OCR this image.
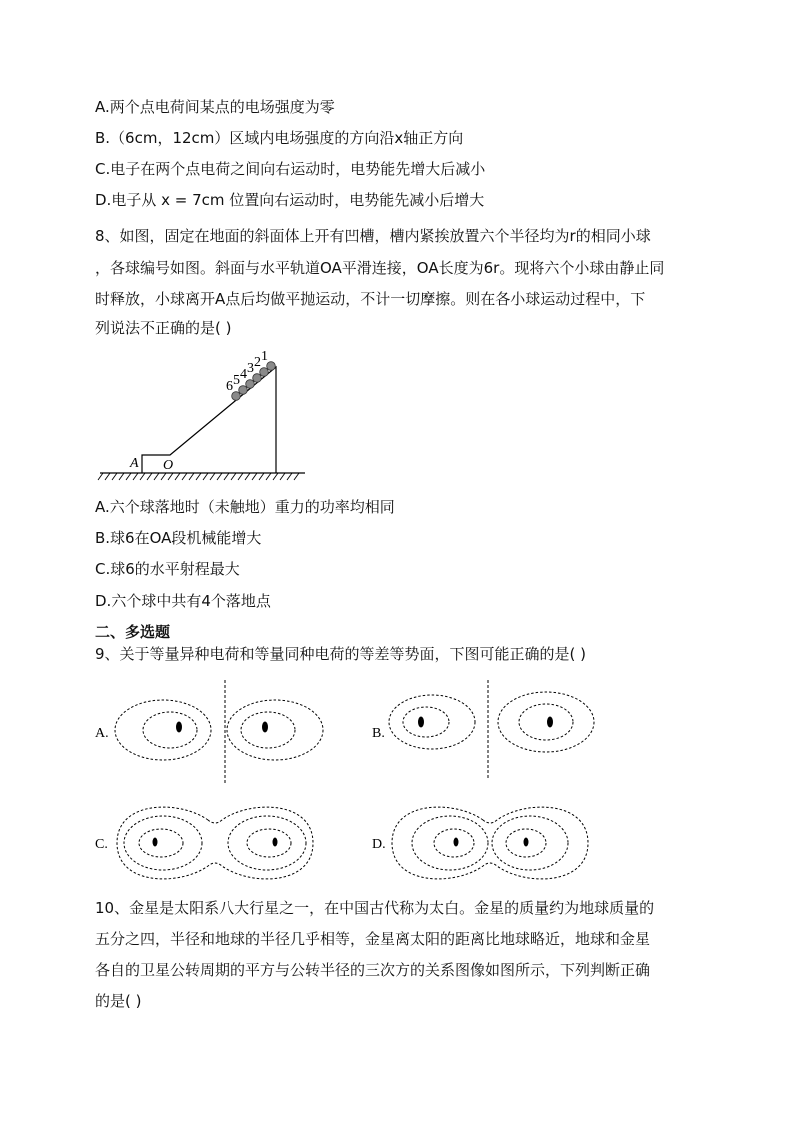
A.两个点电荷间某点的电场强度为零
B.（6cm，12cm）区域内电场强度的方向沿x轴正方向
C.电子在两个点电荷之间向右运动时，电势能先增大后减小
D.电子从 x = 7cm 位置向右运动时，电势能先减小后增大
8、如图，固定在地面的斜面体上开有凹槽，槽内紧挨放置六个半径均为r的相同小球
，各球编号如图。斜面与水平轨道OA平滑连接，OA长度为6r。现将六个小球由静止同
时释放，小球离开A点后均做平抛运动，不计一切摩擦。则在各小球运动过程中，下
列说法不正确的是( )
A O
6 5 4 3 2 1
A.六个球落地时（未触地）重力的功率均相同
B.球6在OA段机械能增大
C.球6的水平射程最大
D.六个球中共有4个落地点
二、多选题
9、关于等量异种电荷和等量同种电荷的等差等势面，下图可能正确的是( )
A.	B.
C.	D.
10、金星是太阳系八大行星之一，在中国古代称为太白。金星的质量约为地球质量的
五分之四，半径和地球的半径几乎相等，金星离太阳的距离比地球略近，地球和金星
各自的卫星公转周期的平方与公转半径的三次方的关系图像如图所示，下列判断正确
的是( )
